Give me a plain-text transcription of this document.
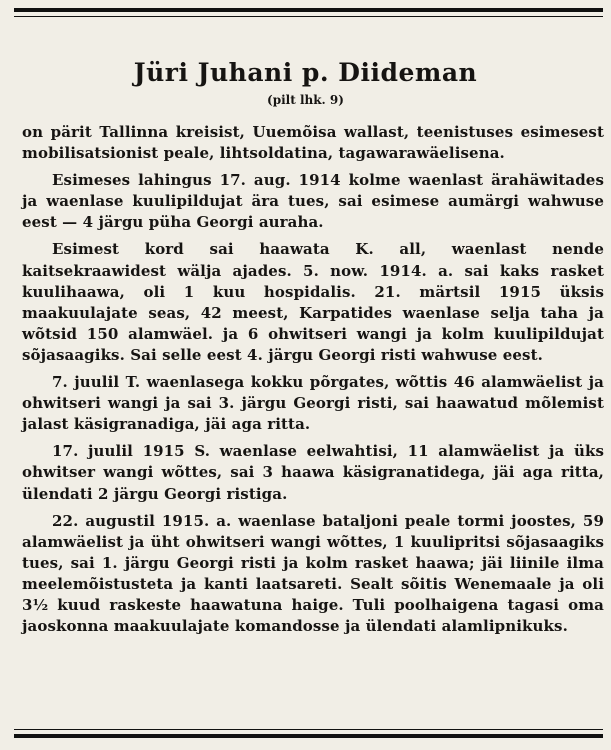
Jüri Juhani p. Diideman
(pilt lhk. 9)

on pärit Tallinna kreisist, Uuemõisa wallast, teenistuses esimesest mobilisatsionist peale, lihtsoldatina, tagawarawäelisena.

Esimeses lahingus 17. aug. 1914 kolme waenlast ärahäwitades ja waenlase kuulipildujat ära tues, sai esimese aumärgi wahwuse eest — 4 järgu püha Georgi auraha.

Esimest kord sai haawata K. all, waenlast nende kaitsekraawidest wälja ajades. 5. now. 1914. a. sai kaks rasket kuulihaawa, oli 1 kuu hospidalis. 21. märtsil 1915 üksis maakuulajate seas, 42 meest, Karpatides waenlase selja taha ja wõtsid 150 alamwäel. ja 6 ohwitseri wangi ja kolm kuulipildujat sõjasaagiks. Sai selle eest 4. järgu Georgi risti wahwuse eest.

7. juulil T. waenlasega kokku põrgates, wõttis 46 alamwäelist ja ohwitseri wangi ja sai 3. järgu Georgi risti, sai haawatud mõlemist jalast käsigranadiga, jäi aga ritta.

17. juulil 1915 S. waenlase eelwahtisi, 11 alamwäelist ja üks ohwitser wangi wõttes, sai 3 haawa käsigranatidega, jäi aga ritta, ülendati 2 järgu Georgi ristiga.

22. augustil 1915. a. waenlase bataljoni peale tormi joostes, 59 alamwäelist ja üht ohwitseri wangi wõttes, 1 kuulipritsi sõjasaagiks tues, sai 1. järgu Georgi risti ja kolm rasket haawa; jäi liinile ilma meelemõistusteta ja kanti laatsareti. Sealt sõitis Wenemaale ja oli 3½ kuud raskeste haawatuna haige. Tuli poolhaigena tagasi oma jaoskonna maakuulajate komandosse ja ülendati alamlipnikuks.
